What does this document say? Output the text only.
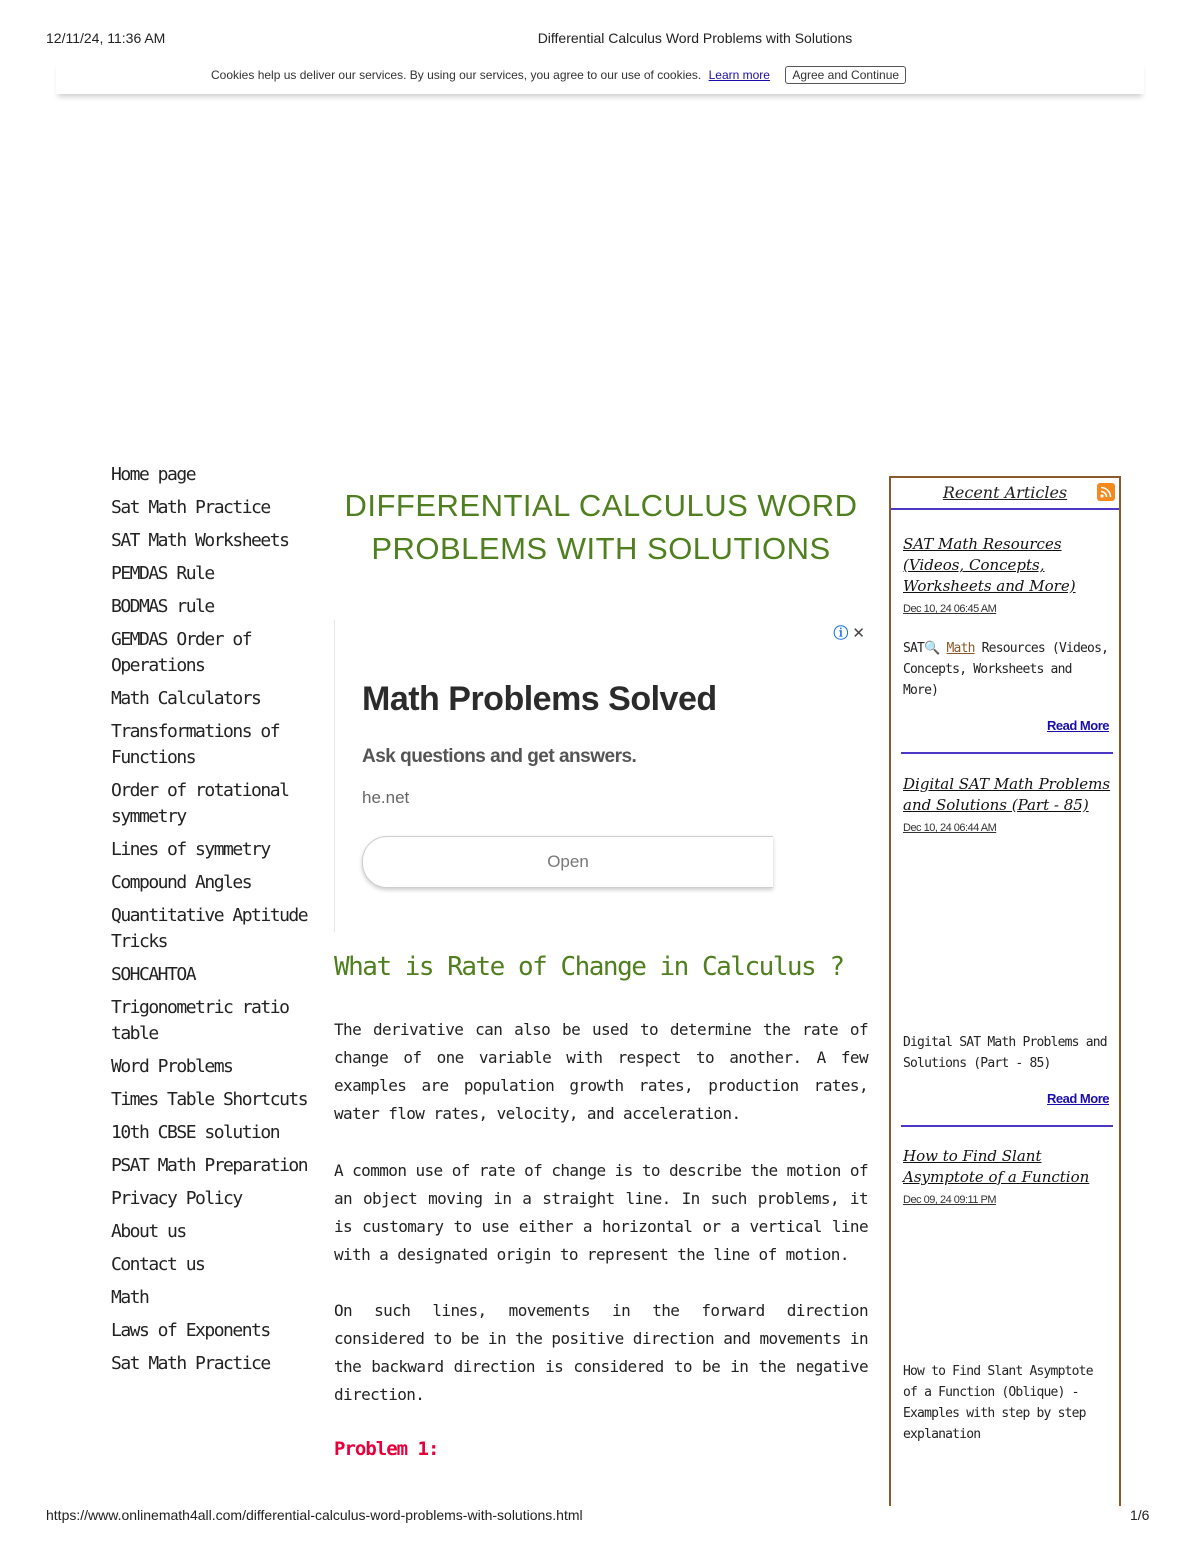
12/11/24, 11:36 AM	Differential Calculus Word Problems with Solutions
Cookies help us deliver our services. By using our services, you agree to our use of cookies. Learn more Agree and Continue
Home page
Sat Math Practice
SAT Math Worksheets
PEMDAS Rule
BODMAS rule
GEMDAS Order of Operations
Math Calculators
Transformations of Functions
Order of rotational symmetry
Lines of symmetry
Compound Angles
Quantitative Aptitude Tricks
SOHCAHTOA
Trigonometric ratio table
Word Problems
Times Table Shortcuts
10th CBSE solution
PSAT Math Preparation
Privacy Policy
About us
Contact us
Math
Laws of Exponents
Sat Math Practice
DIFFERENTIAL CALCULUS WORD PROBLEMS WITH SOLUTIONS
ⓘ ✕
Math Problems Solved
Ask questions and get answers.
he.net
Open
What is Rate of Change in Calculus ?

The derivative can also be used to determine the rate of change of one variable with respect to another. A few examples are population growth rates, production rates, water flow rates, velocity, and acceleration.

A common use of rate of change is to describe the motion of an object moving in a straight line. In such problems, it is customary to use either a horizontal or a vertical line with a designated origin to represent the line of motion.

On such lines, movements in the forward direction considered to be in the positive direction and movements in the backward direction is considered to be in the negative direction.

Problem 1:
Recent Articles
SAT Math Resources (Videos, Concepts, Worksheets and More)
Dec 10, 24 06:45 AM
SAT🔍 Math Resources (Videos, Concepts, Worksheets and More)
Read More
Digital SAT Math Problems and Solutions (Part - 85)
Dec 10, 24 06:44 AM
Digital SAT Math Problems and Solutions (Part - 85)
Read More
How to Find Slant Asymptote of a Function
Dec 09, 24 09:11 PM
How to Find Slant Asymptote of a Function (Oblique) - Examples with step by step explanation
https://www.onlinemath4all.com/differential-calculus-word-problems-with-solutions.html	1/6
